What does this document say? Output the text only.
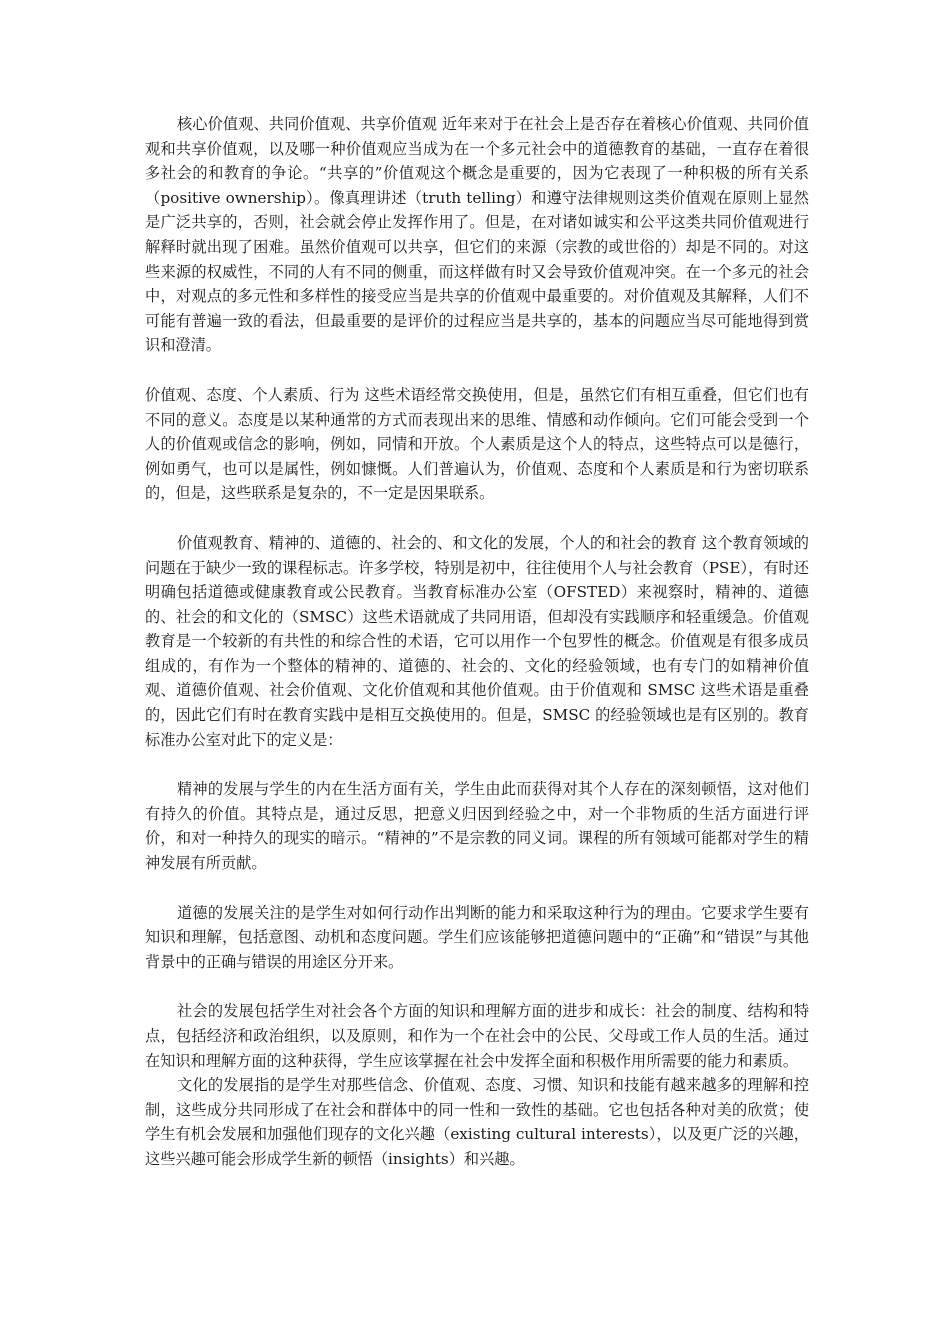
核心价值观、共同价值观、共享价值观 近年来对于在社会上是否存在着核心价值观、共同价值观和共享价值观，以及哪一种价值观应当成为在一个多元社会中的道德教育的基础，一直存在着很多社会的和教育的争论。“共享的”价值观这个概念是重要的，因为它表现了一种积极的所有关系（positive ownership）。像真理讲述（truth telling）和遵守法律规则这类价值观在原则上显然是广泛共享的，否则，社会就会停止发挥作用了。但是，在对诸如诚实和公平这类共同价值观进行解释时就出现了困难。虽然价值观可以共享，但它们的来源（宗教的或世俗的）却是不同的。对这些来源的权威性，不同的人有不同的侧重，而这样做有时又会导致价值观冲突。在一个多元的社会中，对观点的多元性和多样性的接受应当是共享的价值观中最重要的。对价值观及其解释，人们不可能有普遍一致的看法，但最重要的是评价的过程应当是共享的，基本的问题应当尽可能地得到赏识和澄清。

价值观、态度、个人素质、行为 这些术语经常交换使用，但是，虽然它们有相互重叠，但它们也有不同的意义。态度是以某种通常的方式而表现出来的思维、情感和动作倾向。它们可能会受到一个人的价值观或信念的影响，例如，同情和开放。个人素质是这个人的特点，这些特点可以是德行，例如勇气，也可以是属性，例如慷慨。人们普遍认为，价值观、态度和个人素质是和行为密切联系的，但是，这些联系是复杂的，不一定是因果联系。

价值观教育、精神的、道德的、社会的、和文化的发展，个人的和社会的教育 这个教育领域的问题在于缺少一致的课程标志。许多学校，特别是初中，往往使用个人与社会教育（PSE），有时还明确包括道德或健康教育或公民教育。当教育标准办公室（OFSTED）来视察时，精神的、道德的、社会的和文化的（SMSC）这些术语就成了共同用语，但却没有实践顺序和轻重缓急。价值观教育是一个较新的有共性的和综合性的术语，它可以用作一个包罗性的概念。价值观是有很多成员组成的，有作为一个整体的精神的、道德的、社会的、文化的经验领域，也有专门的如精神价值观、道德价值观、社会价值观、文化价值观和其他价值观。由于价值观和 SMSC 这些术语是重叠的，因此它们有时在教育实践中是相互交换使用的。但是，SMSC 的经验领域也是有区别的。教育标准办公室对此下的定义是：

精神的发展与学生的内在生活方面有关，学生由此而获得对其个人存在的深刻顿悟，这对他们有持久的价值。其特点是，通过反思，把意义归因到经验之中，对一个非物质的生活方面进行评价，和对一种持久的现实的暗示。“精神的”不是宗教的同义词。课程的所有领域可能都对学生的精神发展有所贡献。

道德的发展关注的是学生对如何行动作出判断的能力和采取这种行为的理由。它要求学生要有知识和理解，包括意图、动机和态度问题。学生们应该能够把道德问题中的“正确”和“错误”与其他背景中的正确与错误的用途区分开来。

社会的发展包括学生对社会各个方面的知识和理解方面的进步和成长：社会的制度、结构和特点，包括经济和政治组织，以及原则，和作为一个在社会中的公民、父母或工作人员的生活。通过在知识和理解方面的这种获得，学生应该掌握在社会中发挥全面和积极作用所需要的能力和素质。

文化的发展指的是学生对那些信念、价值观、态度、习惯、知识和技能有越来越多的理解和控制，这些成分共同形成了在社会和群体中的同一性和一致性的基础。它也包括各种对美的欣赏；使学生有机会发展和加强他们现存的文化兴趣（existing cultural interests），以及更广泛的兴趣，这些兴趣可能会形成学生新的顿悟（insights）和兴趣。
